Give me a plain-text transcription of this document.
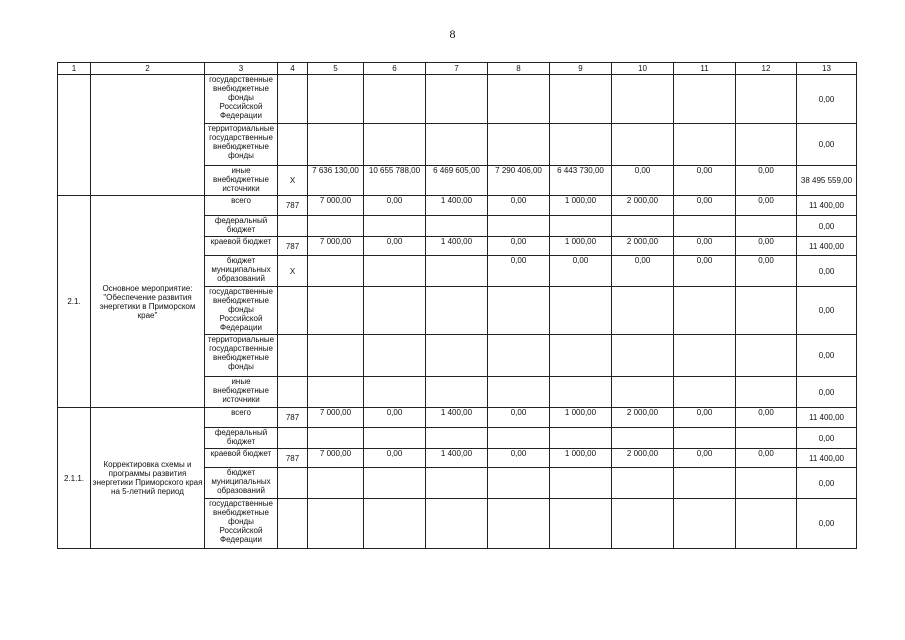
8
1	2	3	4	5	6	7	8	9	10	11	12	13
		государственные внебюджетные фонды Российской Федерации										0,00
		территориальные государственные внебюджетные фонды										0,00
		иные внебюджетные источники	X	7 636 130,00	10 655 788,00	6 469 605,00	7 290 406,00	6 443 730,00	0,00	0,00	0,00	38 495 559,00
2.1.	Основное мероприятие: "Обеспечение развития энергетики в Приморском крае"	всего	787	7 000,00	0,00	1 400,00	0,00	1 000,00	2 000,00	0,00	0,00	11 400,00
		федеральный бюджет										0,00
		краевой бюджет	787	7 000,00	0,00	1 400,00	0,00	1 000,00	2 000,00	0,00	0,00	11 400,00
		бюджет муниципальных образований	X				0,00	0,00	0,00	0,00	0,00	0,00
		государственные внебюджетные фонды Российской Федерации										0,00
		территориальные государственные внебюджетные фонды										0,00
		иные внебюджетные источники										0,00
2.1.1.	Корректировка схемы и программы развития энергетики Приморского края на 5-летний период	всего	787	7 000,00	0,00	1 400,00	0,00	1 000,00	2 000,00	0,00	0,00	11 400,00
		федеральный бюджет										0,00
		краевой бюджет	787	7 000,00	0,00	1 400,00	0,00	1 000,00	2 000,00	0,00	0,00	11 400,00
		бюджет муниципальных образований										0,00
		государственные внебюджетные фонды Российской Федерации										0,00
